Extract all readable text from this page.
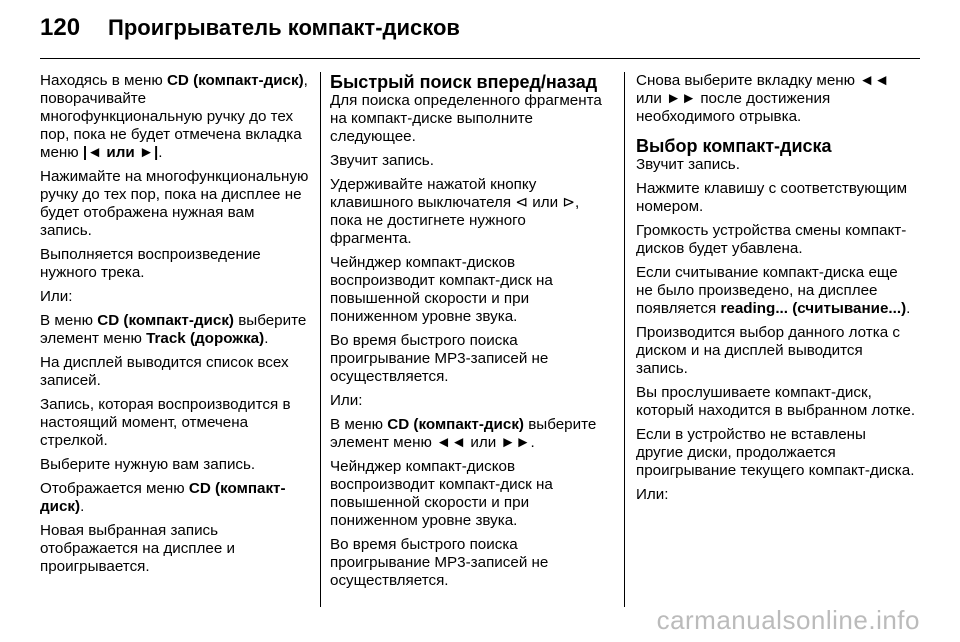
120 Проигрыватель компакт-дисков

Находясь в меню CD (компакт-диск), поворачивайте многофункциональную ручку до тех пор, пока не будет отмечена вкладка меню |◄ или ►|.

Нажимайте на многофункциональную ручку до тех пор, пока на дисплее не будет отображена нужная вам запись.

Выполняется воспроизведение нужного трека.

Или:

В меню CD (компакт-диск) выберите элемент меню Track (дорожка).

На дисплей выводится список всех записей.

Запись, которая воспроизводится в настоящий момент, отмечена стрелкой.

Выберите нужную вам запись.

Отображается меню CD (компакт-диск).

Новая выбранная запись отображается на дисплее и проигрывается.

Быстрый поиск вперед/назад

Для поиска определенного фрагмента на компакт-диске выполните следующее.

Звучит запись.

Удерживайте нажатой кнопку клавишного выключателя ⊲ или ⊳, пока не достигнете нужного фрагмента.

Чейнджер компакт-дисков воспроизводит компакт-диск на повышенной скорости и при пониженном уровне звука.

Во время быстрого поиска проигрывание MP3-записей не осуществляется.

Или:

В меню CD (компакт-диск) выберите элемент меню ◄◄ или ►►.

Чейнджер компакт-дисков воспроизводит компакт-диск на повышенной скорости и при пониженном уровне звука.

Во время быстрого поиска проигрывание MP3-записей не осуществляется.

Снова выберите вкладку меню ◄◄ или ►► после достижения необходимого отрывка.

Выбор компакт-диска

Звучит запись.

Нажмите клавишу с соответствующим номером.

Громкость устройства смены компакт-дисков будет убавлена.

Если считывание компакт-диска еще не было произведено, на дисплее появляется reading... (считывание...).

Производится выбор данного лотка с диском и на дисплей выводится запись.

Вы прослушиваете компакт-диск, который находится в выбранном лотке.

Если в устройство не вставлены другие диски, продолжается проигрывание текущего компакт-диска.

Или:

carmanualsonline.info
